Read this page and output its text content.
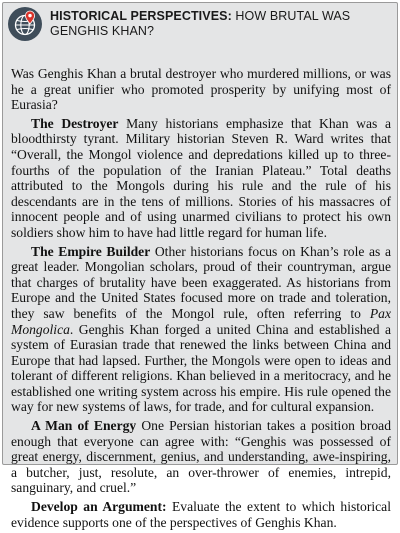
HISTORICAL PERSPECTIVES: HOW BRUTAL WAS GENGHIS KHAN?

Was Genghis Khan a brutal destroyer who murdered millions, or was he a great unifier who promoted prosperity by unifying most of Eurasia?

The Destroyer Many historians emphasize that Khan was a bloodthirsty tyrant. Military historian Steven R. Ward writes that “Overall, the Mongol violence and depredations killed up to three-fourths of the population of the Iranian Plateau.” Total deaths attributed to the Mongols during his rule and the rule of his descendants are in the tens of millions. Stories of his massacres of innocent people and of using unarmed civilians to protect his own soldiers show him to have had little regard for human life.

The Empire Builder Other historians focus on Khan’s role as a great leader. Mongolian scholars, proud of their countryman, argue that charges of brutality have been exaggerated. As historians from Europe and the United States focused more on trade and toleration, they saw benefits of the Mongol rule, often referring to Pax Mongolica. Genghis Khan forged a united China and established a system of Eurasian trade that renewed the links between China and Europe that had lapsed. Further, the Mongols were open to ideas and tolerant of different religions. Khan believed in a meritocracy, and he established one writing system across his empire. His rule opened the way for new systems of laws, for trade, and for cultural expansion.

A Man of Energy One Persian historian takes a position broad enough that everyone can agree with: “Genghis was possessed of great energy, discernment, genius, and understanding, awe-inspiring, a butcher, just, resolute, an over-thrower of enemies, intrepid, sanguinary, and cruel.”

Develop an Argument: Evaluate the extent to which historical evidence supports one of the perspectives of Genghis Khan.
